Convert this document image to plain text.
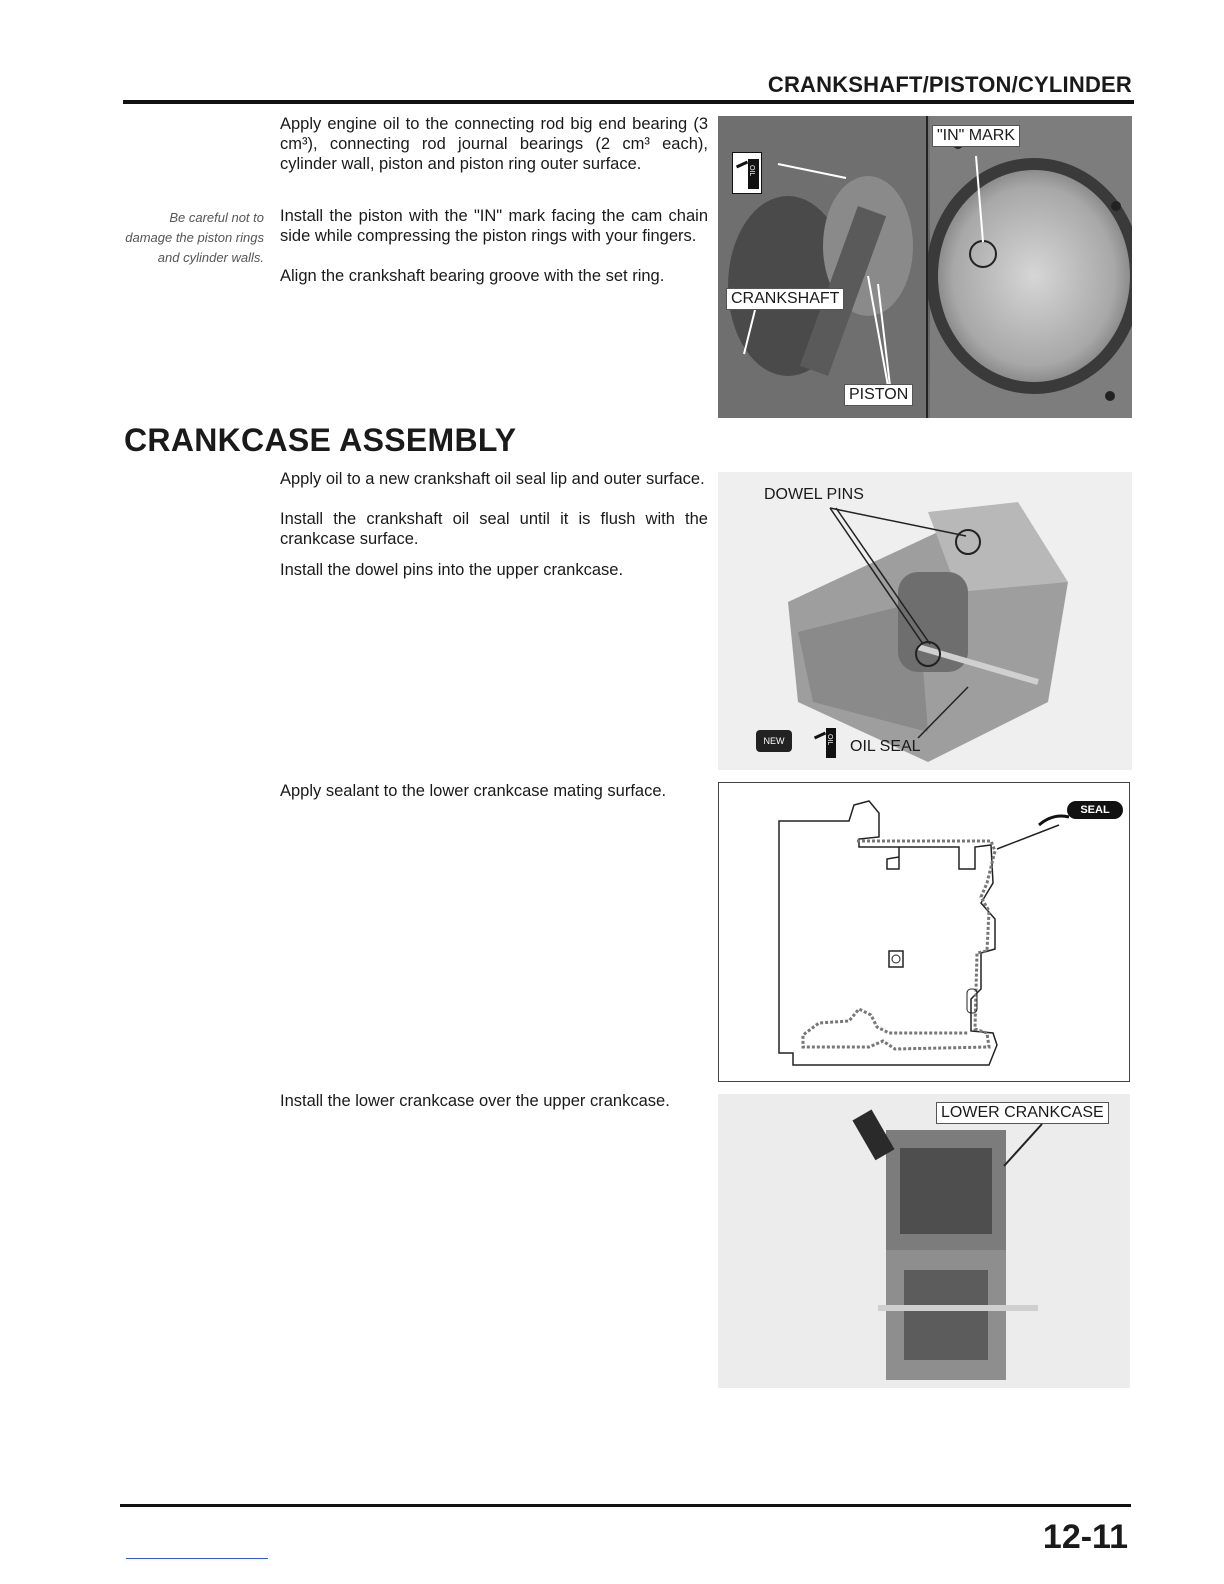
CRANKSHAFT/PISTON/CYLINDER

Apply engine oil to the connecting rod big end bearing (3 cm³), connecting rod journal bearings (2 cm³ each), cylinder wall, piston and piston ring outer surface.

Install the piston with the "IN" mark facing the cam chain side while compressing the piston rings with your fingers.

Align the crankshaft bearing groove with the set ring.

Be careful not to damage the piston rings and cylinder walls.
OIL
"IN" MARK
CRANKSHAFT
PISTON
CRANKCASE ASSEMBLY

Apply oil to a new crankshaft oil seal lip and outer surface.

Install the crankshaft oil seal until it is flush with the crankcase surface.

Install the dowel pins into the upper crankcase.

Apply sealant to the lower crankcase mating surface.

Install the lower crankcase over the upper crankcase.

DOWEL PINS
NEW	OIL OIL SEAL
SEAL
LOWER CRANKCASE
12-11
